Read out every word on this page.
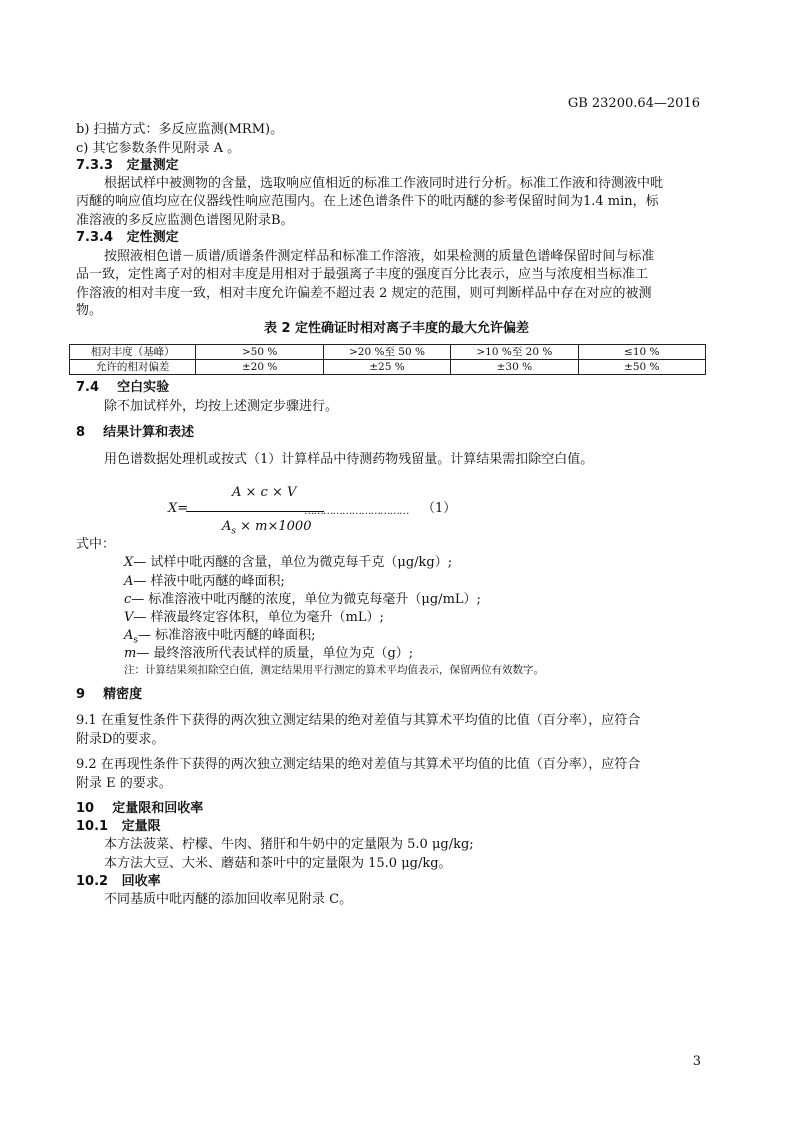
GB 23200.64—2016
b) 扫描方式：多反应监测(MRM)。
c) 其它参数条件见附录 A 。
7.3.3 定量测定
根据试样中被测物的含量，选取响应值相近的标准工作液同时进行分析。标准工作液和待测液中吡
丙醚的响应值均应在仪器线性响应范围内。在上述色谱条件下的吡丙醚的参考保留时间为1.4 min，标
准溶液的多反应监测色谱图见附录B。
7.3.4 定性测定
按照液相色谱－质谱/质谱条件测定样品和标准工作溶液，如果检测的质量色谱峰保留时间与标准
品一致，定性离子对的相对丰度是用相对于最强离子丰度的强度百分比表示，应当与浓度相当标准工
作溶液的相对丰度一致，相对丰度允许偏差不超过表 2 规定的范围，则可判断样品中存在对应的被测
物。
表 2 定性确证时相对离子丰度的最大允许偏差
相对丰度（基峰）	>50 %	>20 %至 50 %	>10 %至 20 %	≤10 %
允许的相对偏差	±20 %	±25 %	±30 %	±50 %
7.4 空白实验
除不加试样外，均按上述测定步骤进行。
8 结果计算和表述
用色谱数据处理机或按式（1）计算样品中待测药物残留量。计算结果需扣除空白值。
X=
A × c × V
$A_s \times m\times 1000$
…………………………… （1）
式中：
X— 试样中吡丙醚的含量，单位为微克每千克（μg/kg）;
A— 样液中吡丙醚的峰面积;
c— 标准溶液中吡丙醚的浓度，单位为微克每毫升（μg/mL）;
V— 样液最终定容体积，单位为毫升（mL）;
$A_s—$ 标准溶液中吡丙醚的峰面积;
m— 最终溶液所代表试样的质量，单位为克（g）;
注：计算结果须扣除空白值，测定结果用平行测定的算术平均值表示，保留两位有效数字。
9 精密度
9.1 在重复性条件下获得的两次独立测定结果的绝对差值与其算术平均值的比值（百分率），应符合
附录D的要求。
9.2 在再现性条件下获得的两次独立测定结果的绝对差值与其算术平均值的比值（百分率），应符合
附录 E 的要求。
10 定量限和回收率
10.1 定量限
本方法菠菜、柠檬、牛肉、猪肝和牛奶中的定量限为 5.0 μg/kg;
本方法大豆、大米、蘑菇和茶叶中的定量限为 15.0 μg/kg。
10.2 回收率
不同基质中吡丙醚的添加回收率见附录 C。
3
